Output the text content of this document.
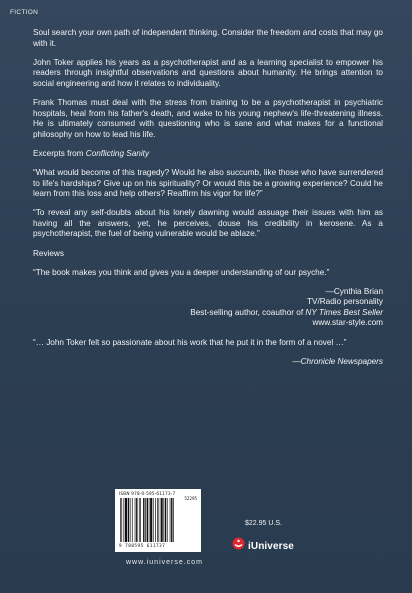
FICTION

Soul search your own path of independent thinking. Consider the freedom and costs that may go with it.

John Toker applies his years as a psychotherapist and as a learning specialist to empower his readers through insightful observations and questions about humanity. He brings attention to social engineering and how it relates to individuality.

Frank Thomas must deal with the stress from training to be a psychotherapist in psychiatric hospitals, heal from his father's death, and wake to his young nephew's life-threatening illness. He is ultimately consumed with questioning who is sane and what makes for a functional philosophy on how to lead his life.

Excerpts from Conflicting Sanity

“What would become of this tragedy? Would he also succumb, like those who have surrendered to life's hardships? Give up on his spirituality? Or would this be a growing experience? Could he learn from this loss and help others? Reaffirm his vigor for life?”

“To reveal any self-doubts about his lonely dawning would assuage their issues with him as having all the answers, yet, he perceives, douse his credibility in kerosene. As a psychotherapist, the fuel of being vulnerable would be ablaze.”

Reviews

“The book makes you think and gives you a deeper understanding of our psyche.”

—Cynthia Brian
TV/Radio personality
Best-selling author, coauthor of NY Times Best Seller
www.star-style.com

“… John Toker felt so passionate about his work that he put it in the form of a novel …”

—Chronicle Newspapers
ISBN 978-0-595-61173-7
52295
9 780595 611737
www.iuniverse.com
$22.95 U.S.
iUniverse
